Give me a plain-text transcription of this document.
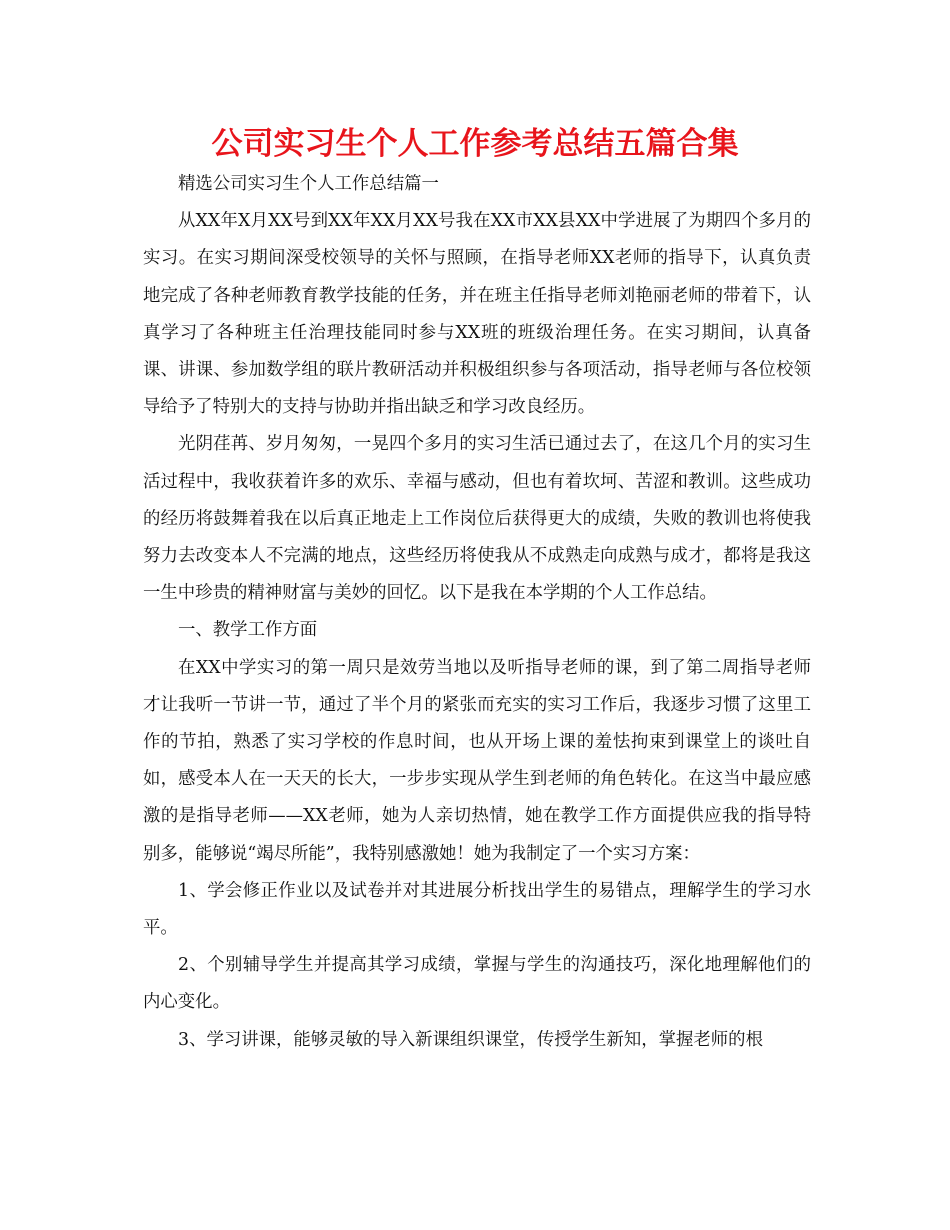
公司实习生个人工作参考总结五篇合集

精选公司实习生个人工作总结篇一

从XX年X月XX号到XX年XX月XX号我在XX市XX县XX中学进展了为期四个多月的实习。在实习期间深受校领导的关怀与照顾，在指导老师XX老师的指导下，认真负责地完成了各种老师教育教学技能的任务，并在班主任指导老师刘艳丽老师的带着下，认真学习了各种班主任治理技能同时参与XX班的班级治理任务。在实习期间，认真备课、讲课、参加数学组的联片教研活动并积极组织参与各项活动，指导老师与各位校领导给予了特别大的支持与协助并指出缺乏和学习改良经历。

光阴荏苒、岁月匆匆，一晃四个多月的实习生活已通过去了，在这几个月的实习生活过程中，我收获着许多的欢乐、幸福与感动，但也有着坎坷、苦涩和教训。这些成功的经历将鼓舞着我在以后真正地走上工作岗位后获得更大的成绩，失败的教训也将使我努力去改变本人不完满的地点，这些经历将使我从不成熟走向成熟与成才，都将是我这一生中珍贵的精神财富与美妙的回忆。以下是我在本学期的个人工作总结。

一、教学工作方面

在XX中学实习的第一周只是效劳当地以及听指导老师的课，到了第二周指导老师才让我听一节讲一节，通过了半个月的紧张而充实的实习工作后，我逐步习惯了这里工作的节拍，熟悉了实习学校的作息时间，也从开场上课的羞怯拘束到课堂上的谈吐自如，感受本人在一天天的长大，一步步实现从学生到老师的角色转化。在这当中最应感激的是指导老师——XX老师，她为人亲切热情，她在教学工作方面提供应我的指导特别多，能够说“竭尽所能”，我特别感激她！她为我制定了一个实习方案：

1、学会修正作业以及试卷并对其进展分析找出学生的易错点，理解学生的学习水平。

2、个别辅导学生并提高其学习成绩，掌握与学生的沟通技巧，深化地理解他们的内心变化。

3、学习讲课，能够灵敏的导入新课组织课堂，传授学生新知，掌握老师的根
